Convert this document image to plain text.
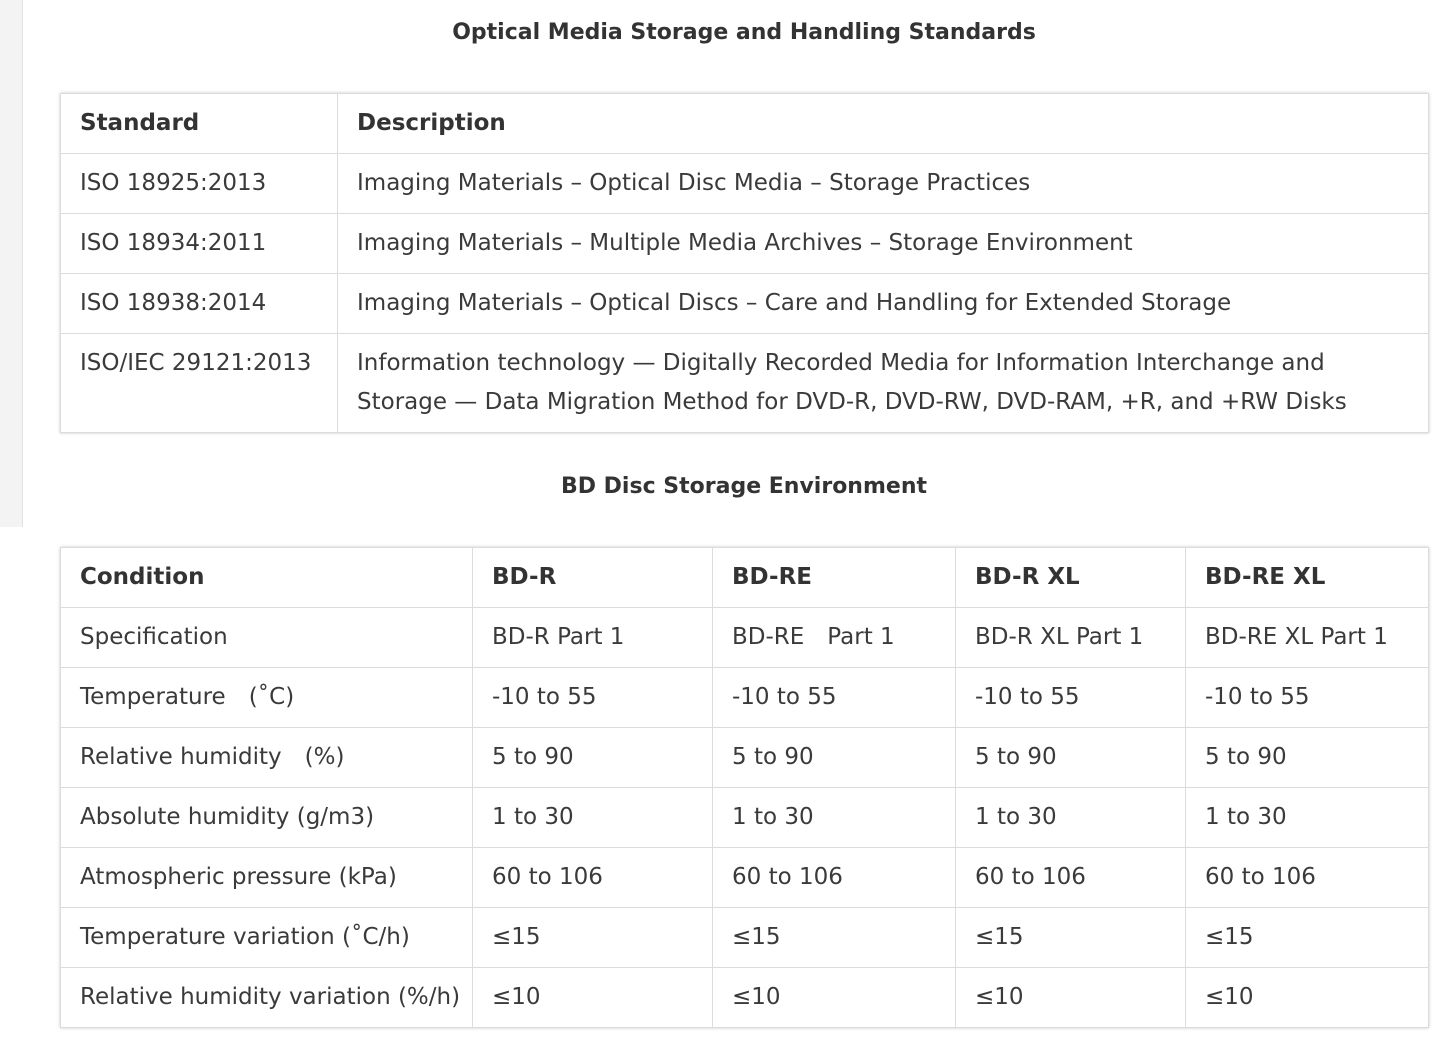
Optical Media Storage and Handling Standards
Standard	Description
ISO 18925:2013	Imaging Materials – Optical Disc Media – Storage Practices
ISO 18934:2011	Imaging Materials – Multiple Media Archives – Storage Environment
ISO 18938:2014	Imaging Materials – Optical Discs – Care and Handling for Extended Storage
ISO/IEC 29121:2013	Information technology — Digitally Recorded Media for Information Interchange and Storage — Data Migration Method for DVD-R, DVD-RW, DVD-RAM, +R, and +RW Disks
BD Disc Storage Environment
Condition	BD-R	BD-RE	BD-R XL	BD-RE XL
Specification	BD-R Part 1	BD-RE　Part 1	BD-R XL Part 1	BD-RE XL Part 1
Temperature　(˚C)	-10 to 55	-10 to 55	-10 to 55	-10 to 55
Relative humidity　(%)	5 to 90	5 to 90	5 to 90	5 to 90
Absolute humidity (g/m3)	1 to 30	1 to 30	1 to 30	1 to 30
Atmospheric pressure (kPa)	60 to 106	60 to 106	60 to 106	60 to 106
Temperature variation (˚C/h)	≤15	≤15	≤15	≤15
Relative humidity variation (%/h)	≤10	≤10	≤10	≤10
